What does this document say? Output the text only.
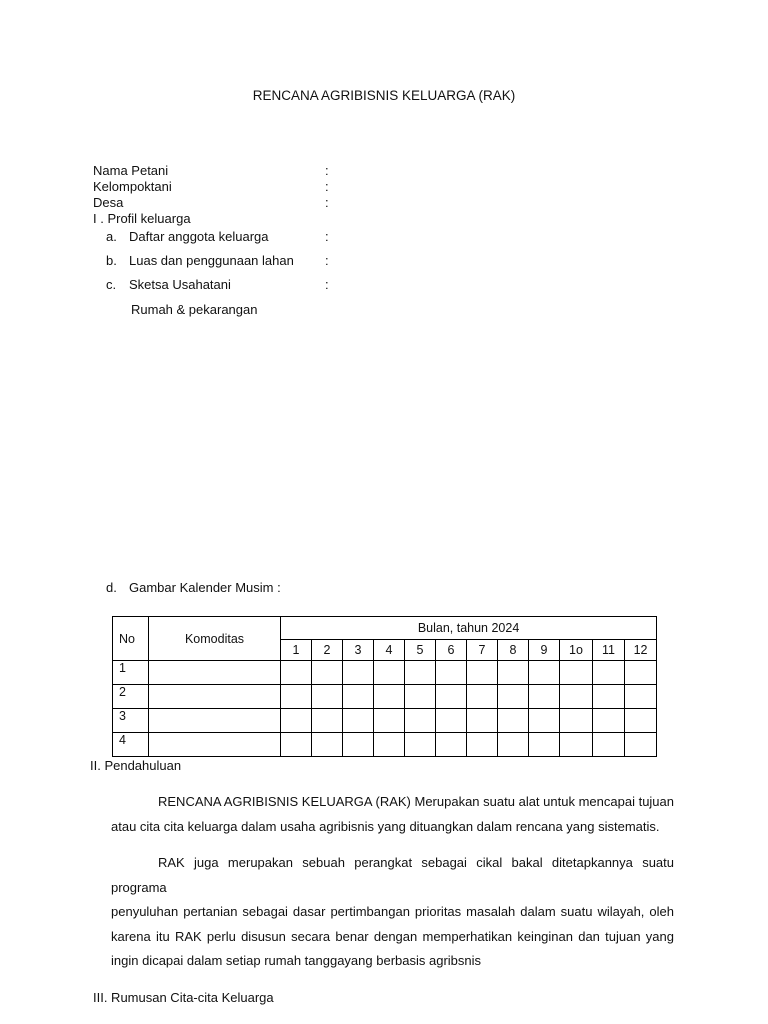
RENCANA AGRIBISNIS KELUARGA (RAK)
Nama Petani	:
Kelompoktani	:
Desa	:
I . Profil keluarga
a. Daftar anggota keluarga	:
b. Luas dan penggunaan lahan :
c. Sketsa Usahatani	:
Rumah & pekarangan
d. Gambar Kalender Musim :
No	Komoditas	Bulan, tahun 2024											
		1	2	3	4	5	6	7	8	9	1o	11	12
1													
2													
3													
4													
II. Pendahuluan
RENCANA AGRIBISNIS KELUARGA (RAK) Merupakan suatu alat untuk mencapai tujuan
atau cita cita keluarga dalam usaha agribisnis yang dituangkan dalam rencana yang sistematis.
RAK juga merupakan sebuah perangkat sebagai cikal bakal ditetapkannya suatu programa
penyuluhan pertanian sebagai dasar pertimbangan prioritas masalah dalam suatu wilayah, oleh karena itu RAK perlu disusun secara benar dengan memperhatikan keinginan dan tujuan yang ingin dicapai dalam setiap rumah tanggayang berbasis agribsnis
III. Rumusan Cita-cita Keluarga
